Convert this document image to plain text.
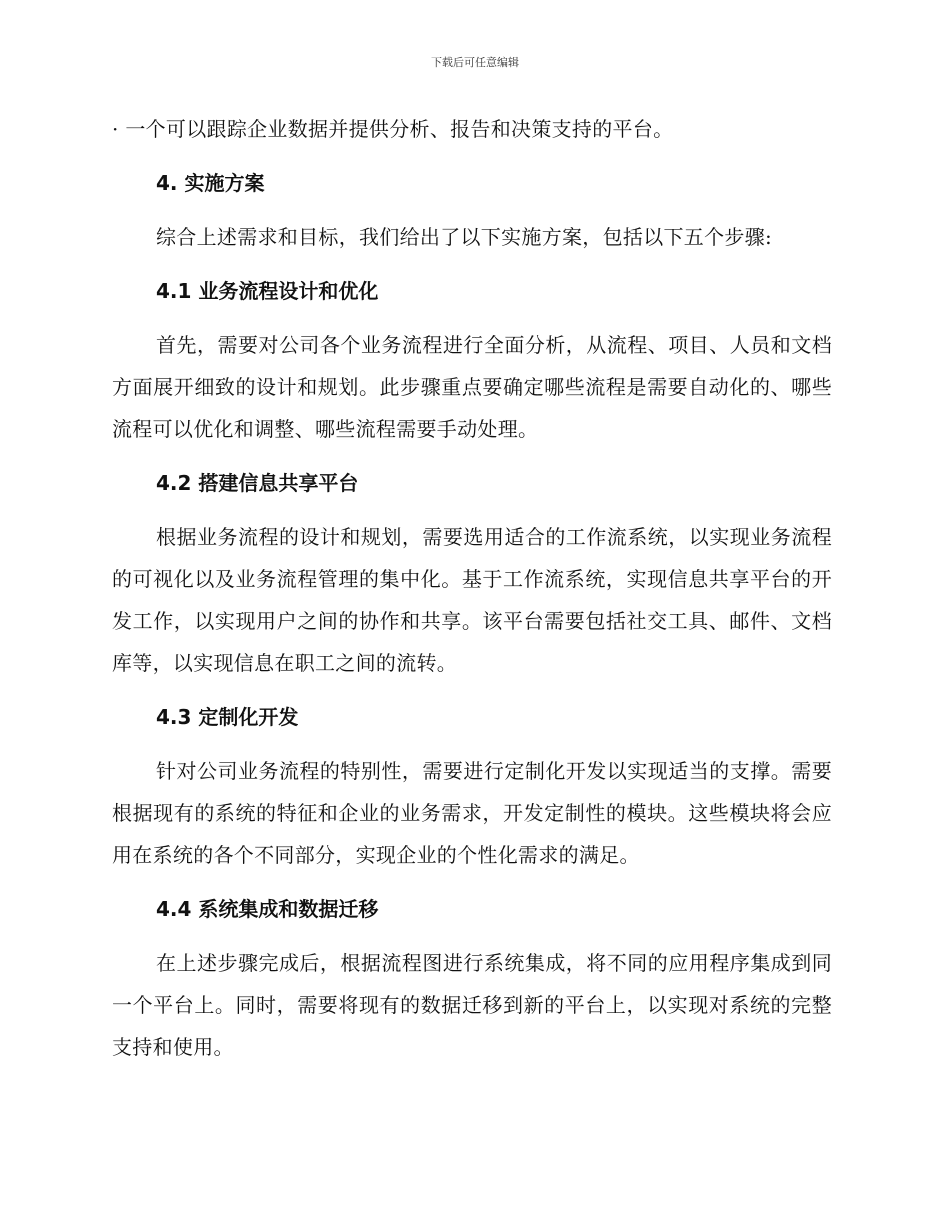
下载后可任意编辑

· 一个可以跟踪企业数据并提供分析、报告和决策支持的平台。

4. 实施方案

综合上述需求和目标，我们给出了以下实施方案，包括以下五个步骤:

4.1 业务流程设计和优化

首先，需要对公司各个业务流程进行全面分析，从流程、项目、人员和文档方面展开细致的设计和规划。此步骤重点要确定哪些流程是需要自动化的、哪些流程可以优化和调整、哪些流程需要手动处理。

4.2 搭建信息共享平台

根据业务流程的设计和规划，需要选用适合的工作流系统，以实现业务流程的可视化以及业务流程管理的集中化。基于工作流系统，实现信息共享平台的开发工作，以实现用户之间的协作和共享。该平台需要包括社交工具、邮件、文档库等，以实现信息在职工之间的流转。

4.3 定制化开发

针对公司业务流程的特别性，需要进行定制化开发以实现适当的支撑。需要根据现有的系统的特征和企业的业务需求，开发定制性的模块。这些模块将会应用在系统的各个不同部分，实现企业的个性化需求的满足。

4.4 系统集成和数据迁移

在上述步骤完成后，根据流程图进行系统集成，将不同的应用程序集成到同一个平台上。同时，需要将现有的数据迁移到新的平台上，以实现对系统的完整支持和使用。
